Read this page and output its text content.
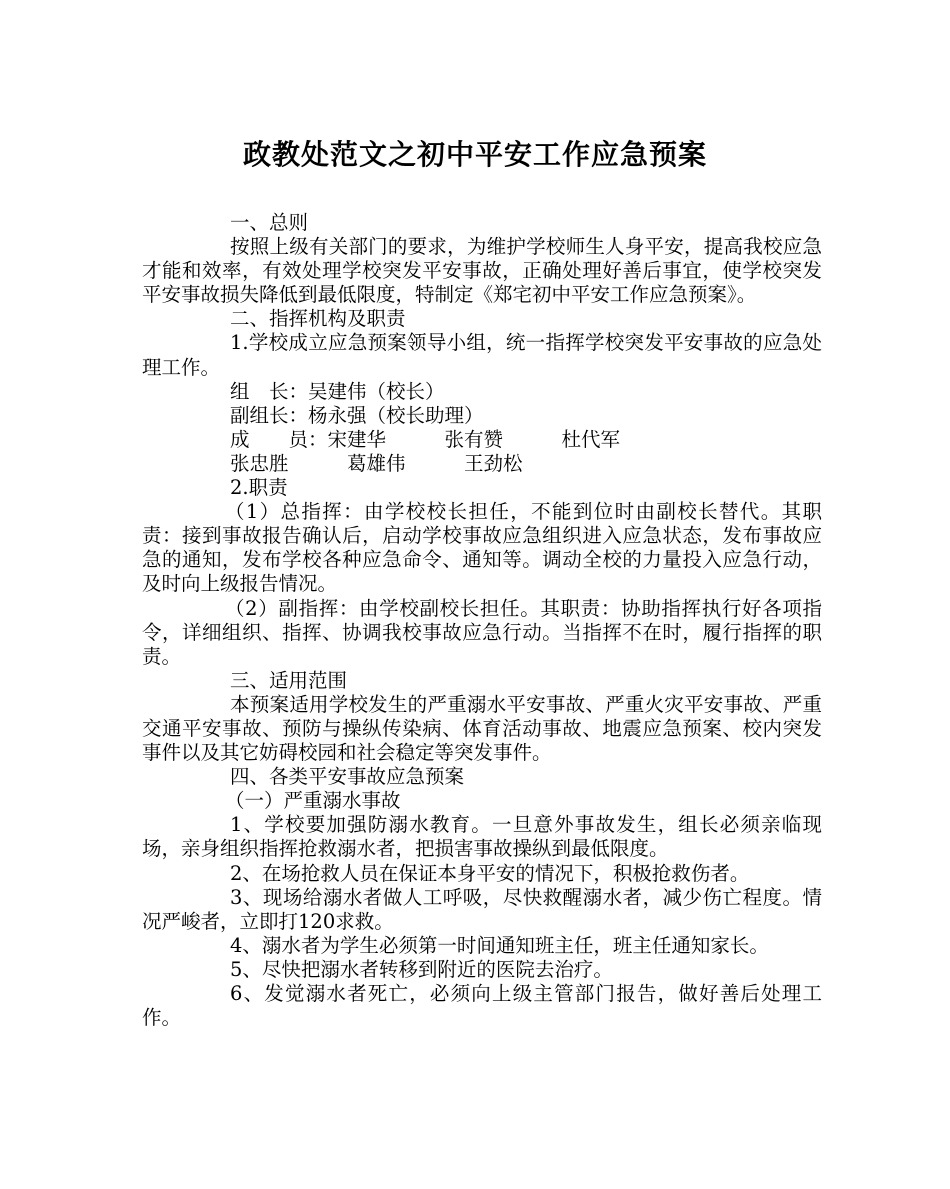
政教处范文之初中平安工作应急预案

一、总则

按照上级有关部门的要求，为维护学校师生人身平安，提高我校应急才能和效率，有效处理学校突发平安事故，正确处理好善后事宜，使学校突发平安事故损失降低到最低限度，特制定《郑宅初中平安工作应急预案》。

二、指挥机构及职责

1.学校成立应急预案领导小组，统一指挥学校突发平安事故的应急处理工作。

组　长：吴建伟（校长）

副组长：杨永强（校长助理）

成　　员：宋建华　　　张有赞　　　杜代军

张忠胜　　　葛雄伟　　　王劲松

2.职责

（1）总指挥：由学校校长担任，不能到位时由副校长替代。其职责：接到事故报告确认后，启动学校事故应急组织进入应急状态，发布事故应急的通知，发布学校各种应急命令、通知等。调动全校的力量投入应急行动，及时向上级报告情况。

（2）副指挥：由学校副校长担任。其职责：协助指挥执行好各项指令，详细组织、指挥、协调我校事故应急行动。当指挥不在时，履行指挥的职责。

三、适用范围

本预案适用学校发生的严重溺水平安事故、严重火灾平安事故、严重交通平安事故、预防与操纵传染病、体育活动事故、地震应急预案、校内突发事件以及其它妨碍校园和社会稳定等突发事件。

四、各类平安事故应急预案

（一）严重溺水事故

1、学校要加强防溺水教育。一旦意外事故发生，组长必须亲临现场，亲身组织指挥抢救溺水者，把损害事故操纵到最低限度。

2、在场抢救人员在保证本身平安的情况下，积极抢救伤者。

3、现场给溺水者做人工呼吸，尽快救醒溺水者，减少伤亡程度。情况严峻者，立即打120求救。

4、溺水者为学生必须第一时间通知班主任，班主任通知家长。

5、尽快把溺水者转移到附近的医院去治疗。

6、发觉溺水者死亡，必须向上级主管部门报告，做好善后处理工作。
